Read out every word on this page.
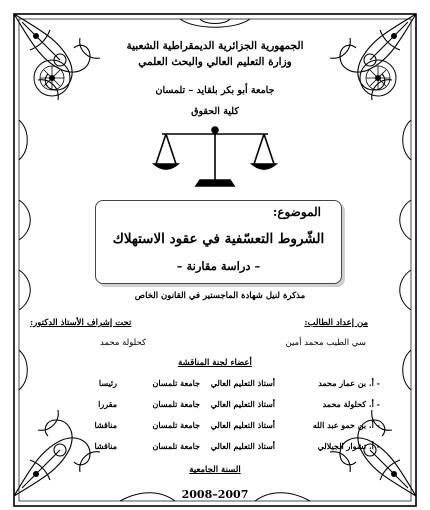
الجمهورية الجزائرية الديمقراطية الشعبية
وزارة التعليم العالي والبحث العلمي
جامعة أبو بكر بلقايد – تلمسان
كلية الحقوق
الموضوع:
الشّروط التعسّفية في عقود الاستهلاك
– دراسة مقارنة –
مذكرة لنيل شهادة الماجستير في القانون الخاص
من إعداد الطالب:
تحت إشراف الأستاذ الدكتور:
سي الطيب محمد أمين
كحلولة محمد
أعضاء لجنة المناقشة
- أ. بن عمار محمد
أستاذ التعليم العالي
جامعة تلمسان
رئيسا
- أ. كحلولة محمد
أستاذ التعليم العالي
جامعة تلمسان
مقررا
- أ. بن حمو عبد الله
أستاذ التعليم العالي
جامعة تلمسان
مناقشا
- أ. تشوار الجيلالي
أستاذ التعليم العالي
جامعة تلمسان
مناقشا
السنة الجامعية
2008–2007
